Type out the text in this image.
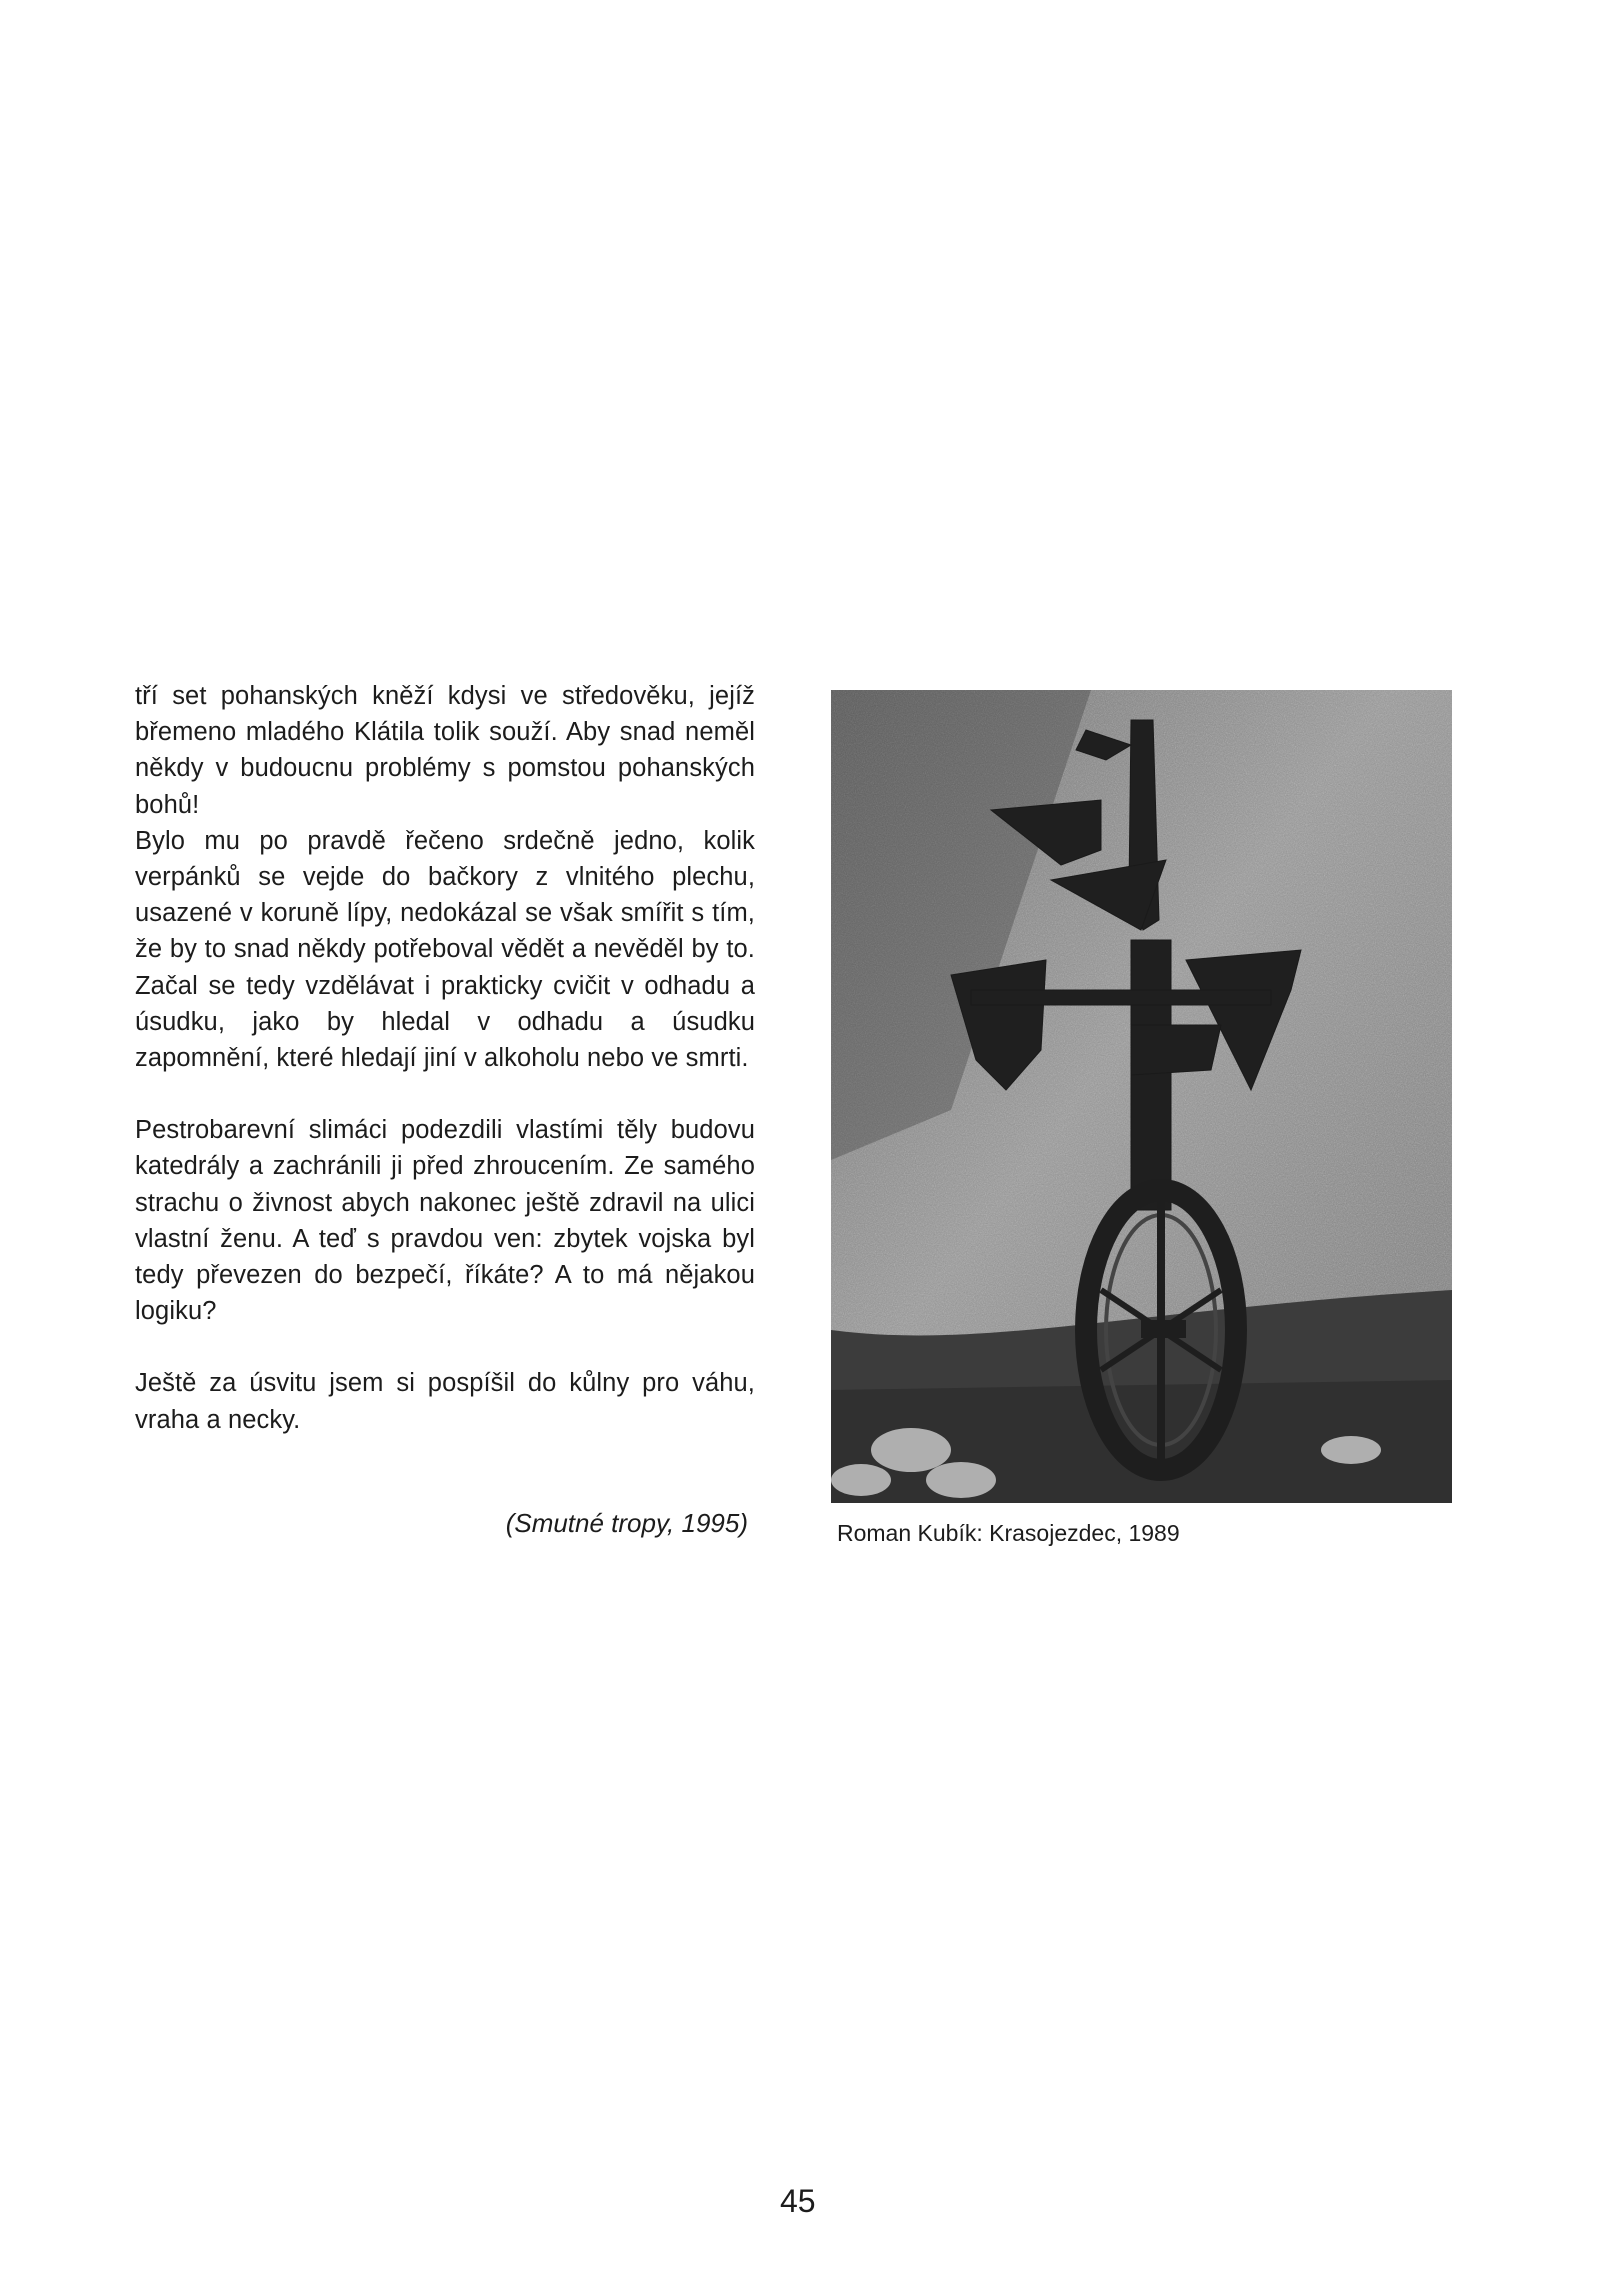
tří set pohanských kněží kdysi ve středověku, jejíž břemeno mladého Klátila tolik souží. Aby snad neměl někdy v budoucnu problémy s pomstou pohanských bohů!
Bylo mu po pravdě řečeno srdečně jedno, kolik verpánků se vejde do bačkory z vlnitého plechu, usazené v koruně lípy, nedokázal se však smířit s tím, že by to snad někdy potřeboval vědět a nevěděl by to. Začal se tedy vzdělávat i prakticky cvičit v odhadu a úsudku, jako by hledal v odhadu a úsudku zapomnění, které hledají jiní v alkoholu nebo ve smrti.

Pestrobarevní slimáci podezdili vlastími těly budovu katedrály a zachránili ji před zhroucením. Ze samého strachu o živnost abych nakonec ještě zdravil na ulici vlastní ženu. A teď s pravdou ven: zbytek vojska byl tedy převezen do bezpečí, říkáte? A to má nějakou logiku?

Ještě za úsvitu jsem si pospíšil do kůlny pro váhu, vraha a necky.

(Smutné tropy, 1995)	Roman Kubík: Krasojezdec, 1989
45
